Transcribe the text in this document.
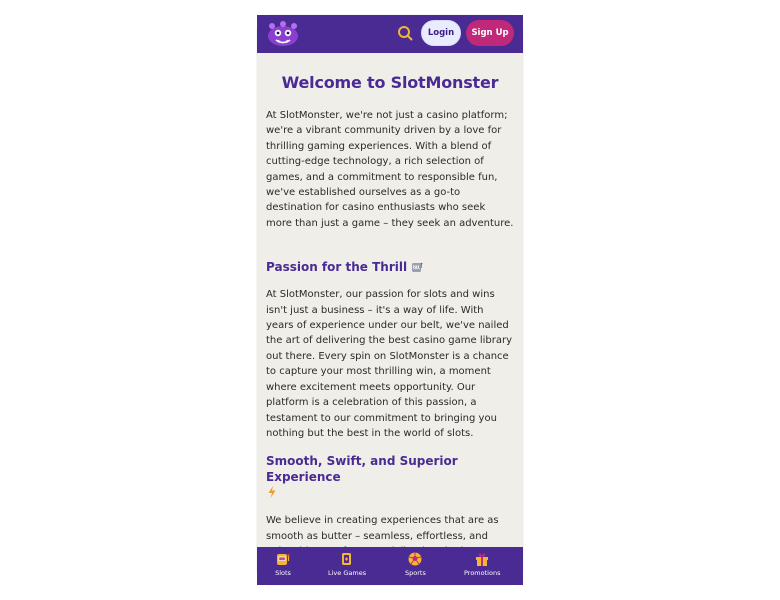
Login	Sign Up
Welcome to SlotMonster

At SlotMonster, we're not just a casino platform; we're a vibrant community driven by a love for thrilling gaming experiences. With a blend of cutting-edge technology, a rich selection of games, and a commitment to responsible fun, we've established ourselves as a go-to destination for casino enthusiasts who seek more than just a game – they seek an adventure.

Passion for the Thrill 777

At SlotMonster, our passion for slots and wins isn't just a business – it's a way of life. With years of experience under our belt, we've nailed the art of delivering the best casino game library out there. Every spin on SlotMonster is a chance to capture your most thrilling win, a moment where excitement meets opportunity. Our platform is a celebration of this passion, a testament to our commitment to bringing you nothing but the best in the world of slots.

Smooth, Swift, and Superior Experience

We believe in creating experiences that are as smooth as butter – seamless, effortless, and

Slots	Live Games	Sports	Promotions
